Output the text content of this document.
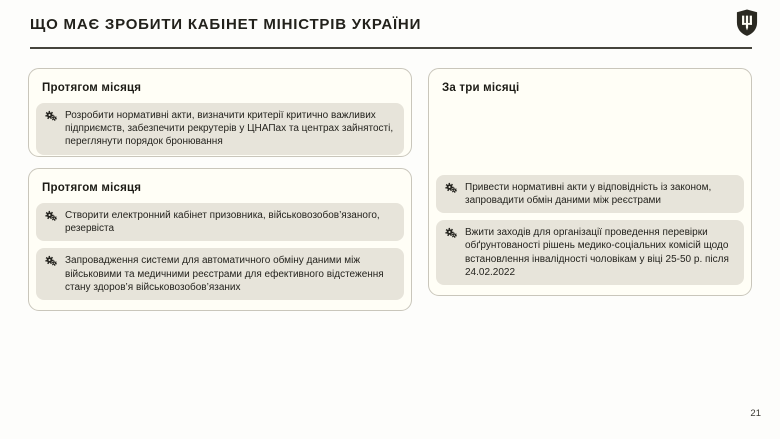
ЩО МАЄ ЗРОБИТИ КАБІНЕТ МІНІСТРІВ УКРАЇНИ
Протягом місяця
Розробити нормативні акти, визначити критерії критично важливих підприємств, забезпечити рекрутерів у ЦНАПах та центрах зайнятості, переглянути порядок бронювання
Протягом місяця
Створити електронний кабінет призовника, військовозобов’язаного, резервіста
Запровадження системи для автоматичного обміну даними між військовими та медичними реєстрами для ефективного відстеження стану здоров’я військовозобов’язаних
За три місяці
Привести нормативні акти у відповідність із законом, запровадити обмін даними між реєстрами
Вжити заходів для організації проведення перевірки обґрунтованості рішень медико-соціальних комісій щодо встановлення інвалідності чоловікам у віці 25-50 р. після 24.02.2022
21
